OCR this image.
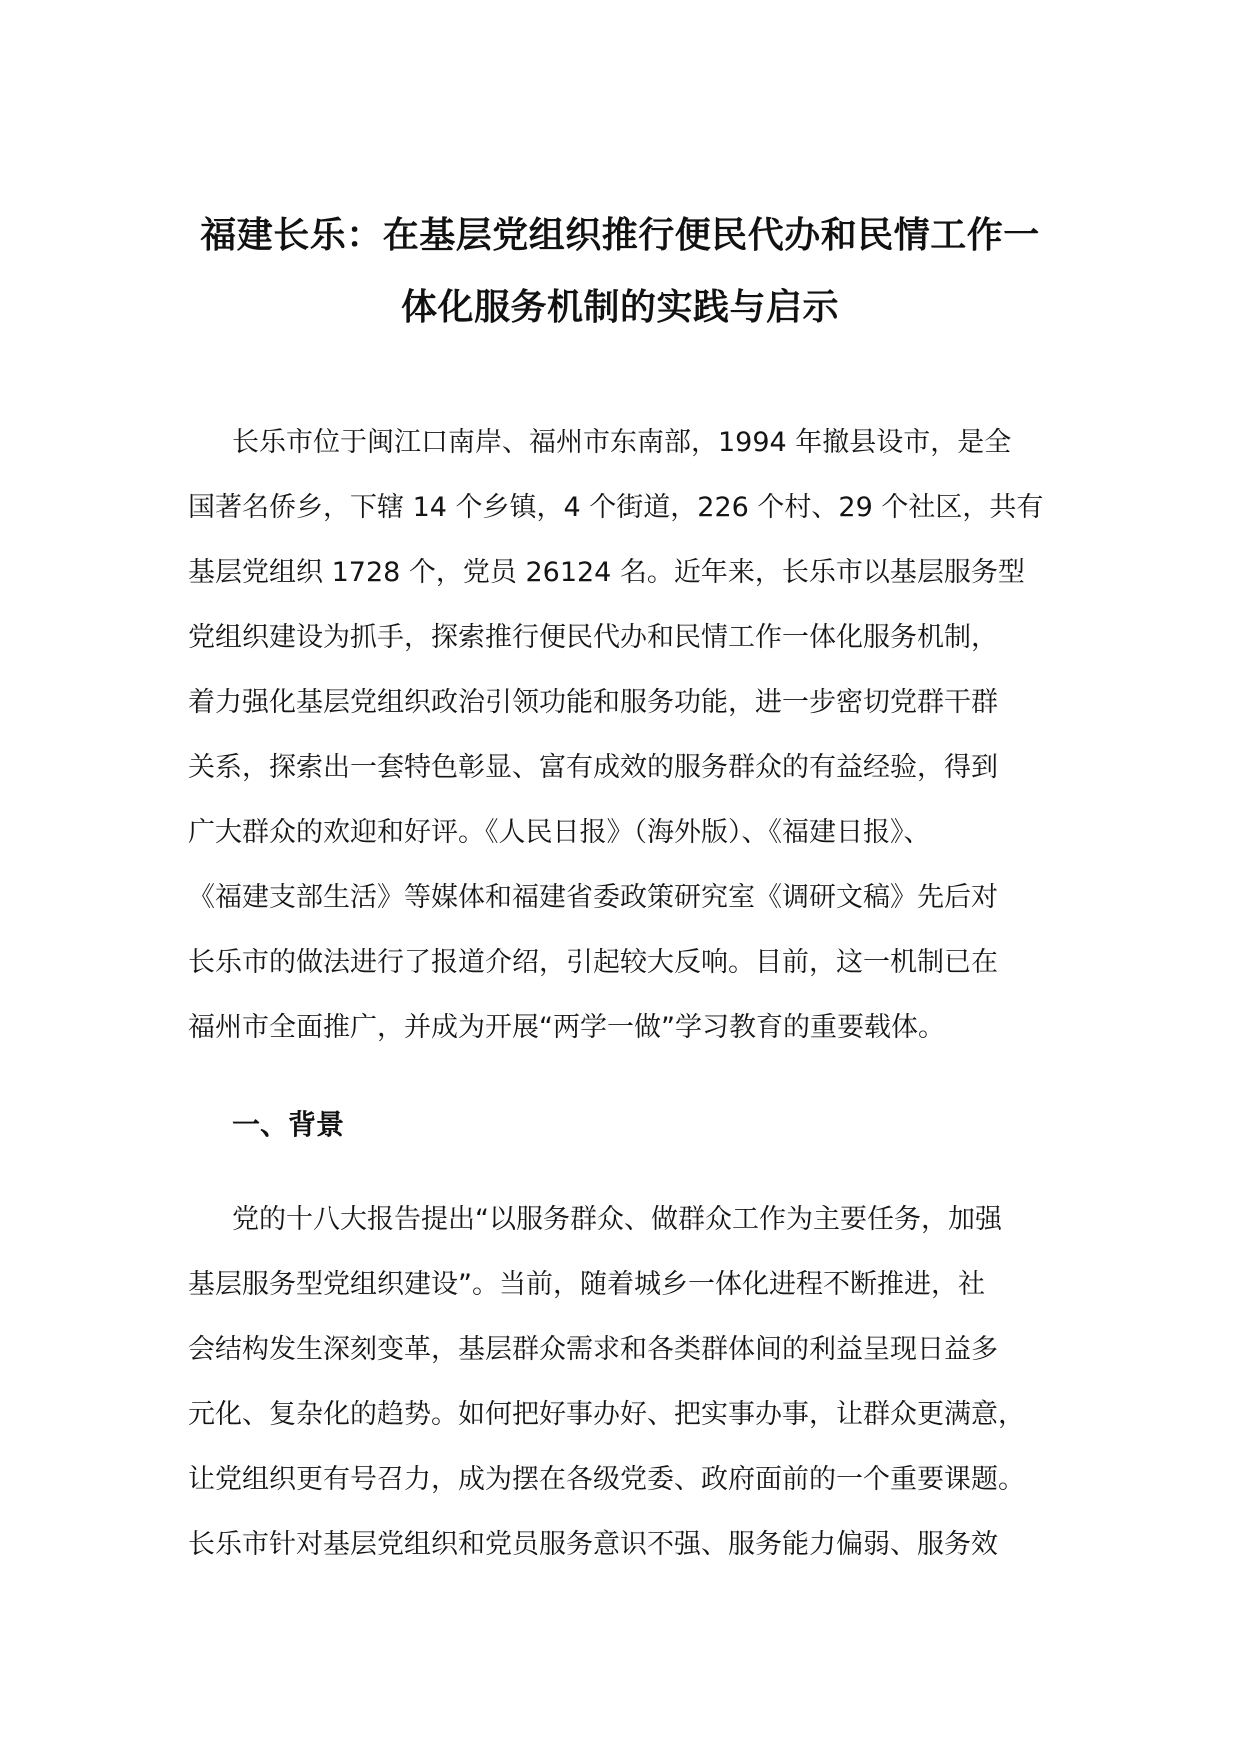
福建长乐：在基层党组织推行便民代办和民情工作一
体化服务机制的实践与启示
长乐市位于闽江口南岸、福州市东南部，1994 年撤县设市，是全
国著名侨乡，下辖 14 个乡镇，4 个街道，226 个村、29 个社区，共有
基层党组织 1728 个，党员 26124 名。近年来，长乐市以基层服务型
党组织建设为抓手，探索推行便民代办和民情工作一体化服务机制，
着力强化基层党组织政治引领功能和服务功能，进一步密切党群干群
关系，探索出一套特色彰显、富有成效的服务群众的有益经验，得到
广大群众的欢迎和好评。《人民日报》（海外版）、《福建日报》、
《福建支部生活》等媒体和福建省委政策研究室《调研文稿》先后对
长乐市的做法进行了报道介绍，引起较大反响。目前，这一机制已在
福州市全面推广，并成为开展“两学一做”学习教育的重要载体。
一、背景
党的十八大报告提出“以服务群众、做群众工作为主要任务，加强
基层服务型党组织建设”。当前，随着城乡一体化进程不断推进，社
会结构发生深刻变革，基层群众需求和各类群体间的利益呈现日益多
元化、复杂化的趋势。如何把好事办好、把实事办事，让群众更满意，
让党组织更有号召力，成为摆在各级党委、政府面前的一个重要课题。
长乐市针对基层党组织和党员服务意识不强、服务能力偏弱、服务效
